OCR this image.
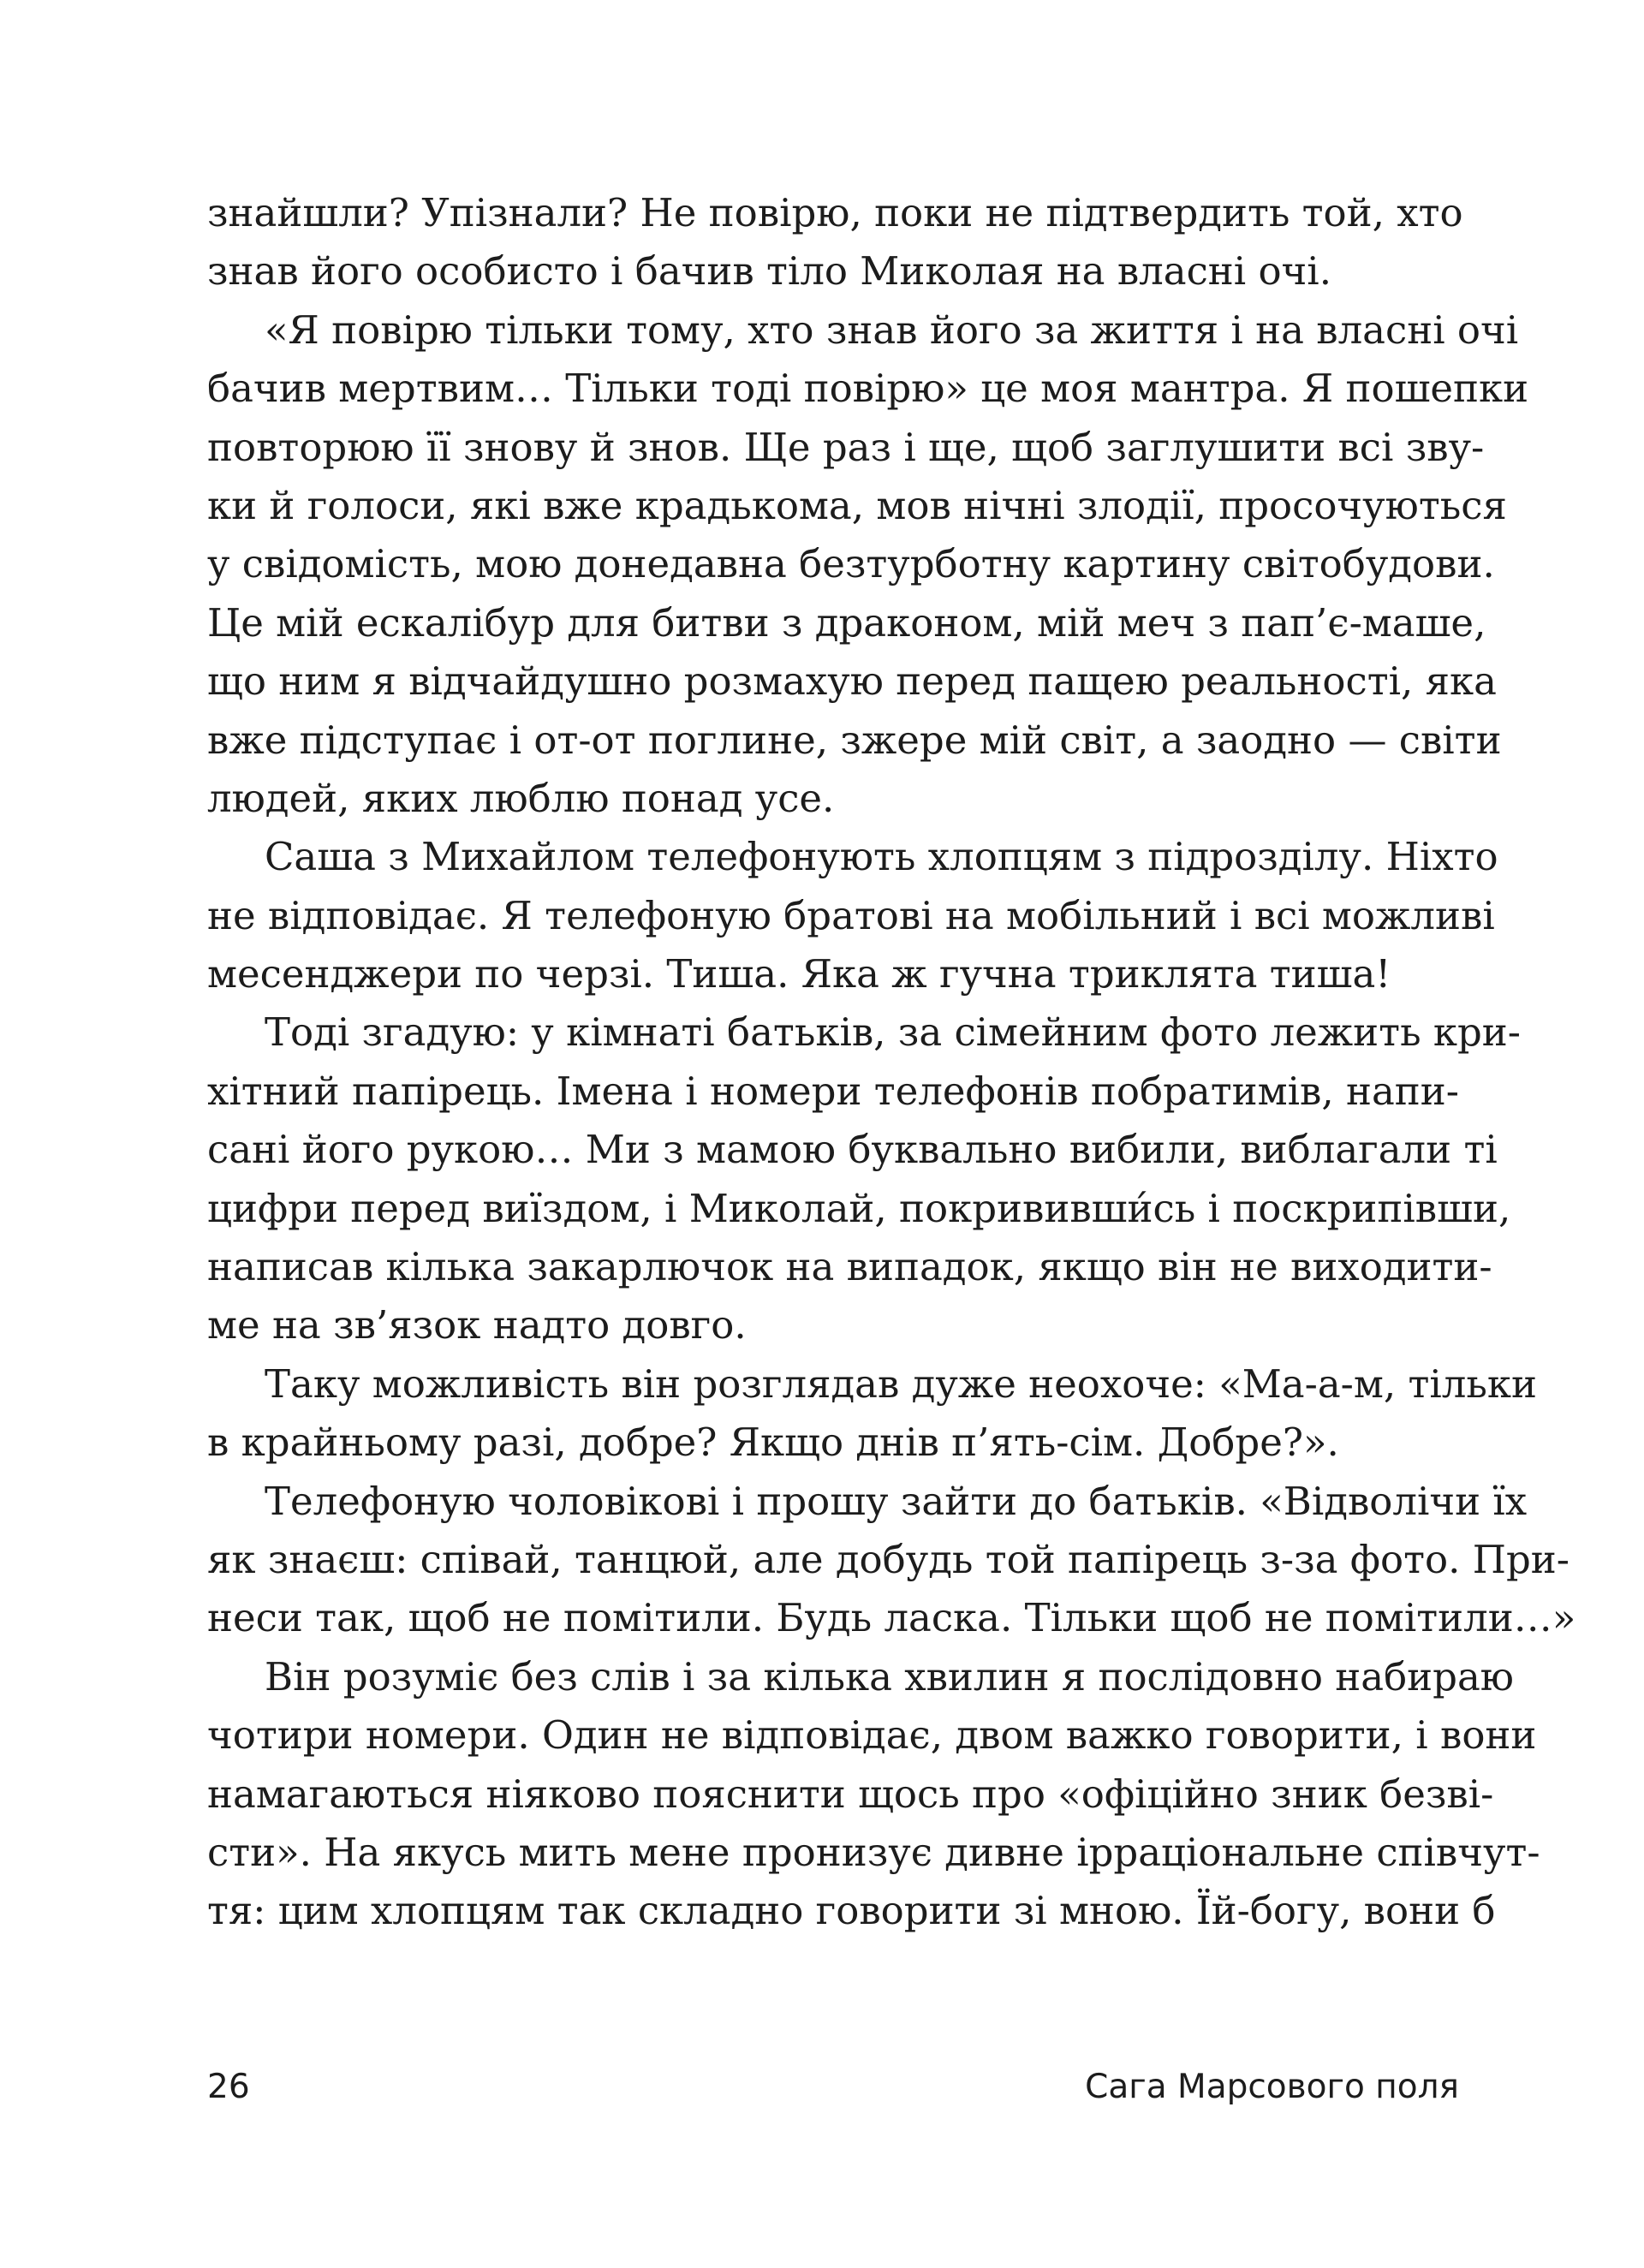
знайшли? Упізнали? Не повірю, поки не підтвердить той, хто
знав його особисто і бачив тіло Миколая на власні очі.
«Я повірю тільки тому, хто знав його за життя і на власні очі
бачив мертвим… Тільки тоді повірю» це моя мантра. Я пошепки
повторюю її знову й знов. Ще раз і ще, щоб заглушити всі зву-
ки й голоси, які вже крадькома, мов нічні злодії, просочуються
у свідомість, мою донедавна безтурботну картину світобудови.
Це мій ескалібур для битви з драконом, мій меч з пап’є-маше,
що ним я відчайдушно розмахую перед пащею реальності, яка
вже підступає і от-от поглине, зжере мій світ, а заодно — світи
людей, яких люблю понад усе.
Саша з Михайлом телефонують хлопцям з підрозділу. Ніхто
не відповідає. Я телефоную братові на мобільний і всі можливі
месенджери по черзі. Тиша. Яка ж гучна триклята тиша!
Тоді згадую: у кімнаті батьків, за сімейним фото лежить кри-
хітний папірець. Імена і номери телефонів побратимів, напи-
сані його рукою… Ми з мамою буквально вибили, виблагали ті
цифри перед виїздом, і Миколай, покрививши́сь і поскрипівши,
написав кілька закарлючок на випадок, якщо він не виходити-
ме на зв’язок надто довго.
Таку можливість він розглядав дуже неохоче: «Ма-а-м, тільки
в крайньому разі, добре? Якщо днів п’ять-сім. Добре?».
Телефоную чоловікові і прошу зайти до батьків. «Відволічи їх
як знаєш: співай, танцюй, але добудь той папірець з-за фото. При-
неси так, щоб не помітили. Будь ласка. Тільки щоб не помітили…»
Він розуміє без слів і за кілька хвилин я послідовно набираю
чотири номери. Один не відповідає, двом важко говорити, і вони
намагаються ніяково пояснити щось про «офіційно зник безві-
сти». На якусь мить мене пронизує дивне ірраціональне співчут-
тя: цим хлопцям так складно говорити зі мною. Їй-богу, вони б
26	Сага Марсового поля
